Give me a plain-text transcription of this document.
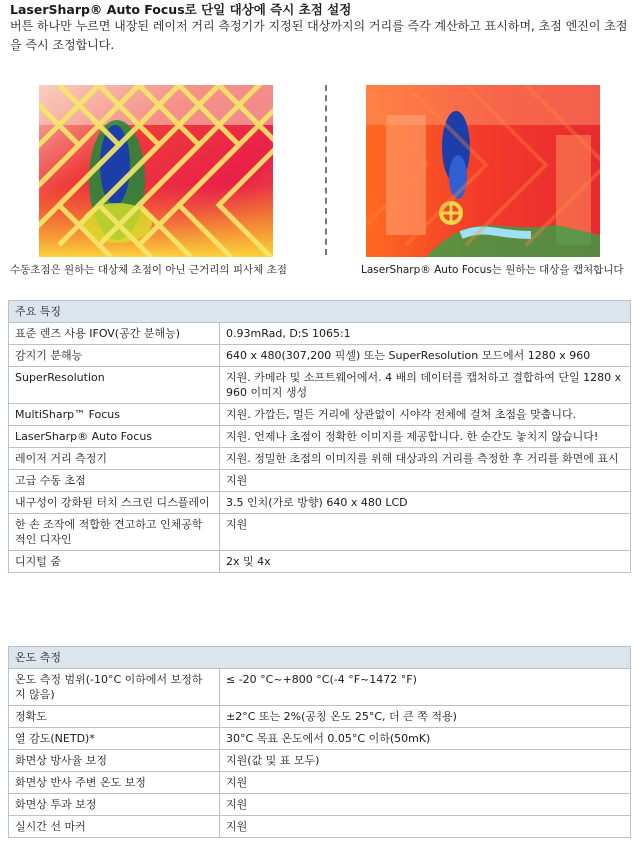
LaserSharp® Auto Focus로 단일 대상에 즉시 초점 설정
버튼 하나만 누르면 내장된 레이저 거리 측정기가 지정된 대상까지의 거리를 즉각 계산하고 표시하며, 초점 엔진이 초점을 즉시 조정합니다.
수동초점은 원하는 대상체 초점이 아닌 근거리의 피사체 초점	LaserSharp® Auto Focus는 원하는 대상을 캡처합니다
주요 특징	
표준 렌즈 사용 IFOV(공간 분해능)	0.93mRad, D:S 1065:1
감지기 분해능	640 x 480(307,200 픽셀) 또는 SuperResolution 모드에서 1280 x 960
SuperResolution	지원. 카메라 및 소프트웨어에서. 4 배의 데이터를 캡처하고 결합하여 단일 1280 x 960 이미지 생성
MultiSharp™ Focus	지원. 가깝든, 멀든 거리에 상관없이 시야각 전체에 걸쳐 초점을 맞춥니다.
LaserSharp® Auto Focus	지원. 언제나 초점이 정확한 이미지를 제공합니다. 한 순간도 놓치지 않습니다!
레이저 거리 측정기	지원. 정밀한 초점의 이미지를 위해 대상과의 거리를 측정한 후 거리를 화면에 표시
고급 수동 초점	지원
내구성이 강화된 터치 스크린 디스플레이	3.5 인치(가로 방향) 640 x 480 LCD
한 손 조작에 적합한 견고하고 인체공학적인 디자인	지원
디지털 줌	2x 및 4x
온도 측정	
온도 측정 범위(-10°C 이하에서 보정하지 않음)	≤ -20 °C~+800 °C(-4 °F~1472 °F)
정확도	±2°C 또는 2%(공칭 온도 25°C, 더 큰 쪽 적용)
열 감도(NETD)*	30°C 목표 온도에서 0.05°C 이하(50mK)
화면상 방사율 보정	지원(값 및 표 모두)
화면상 반사 주변 온도 보정	지원
화면상 투과 보정	지원
실시간 선 마커	지원
